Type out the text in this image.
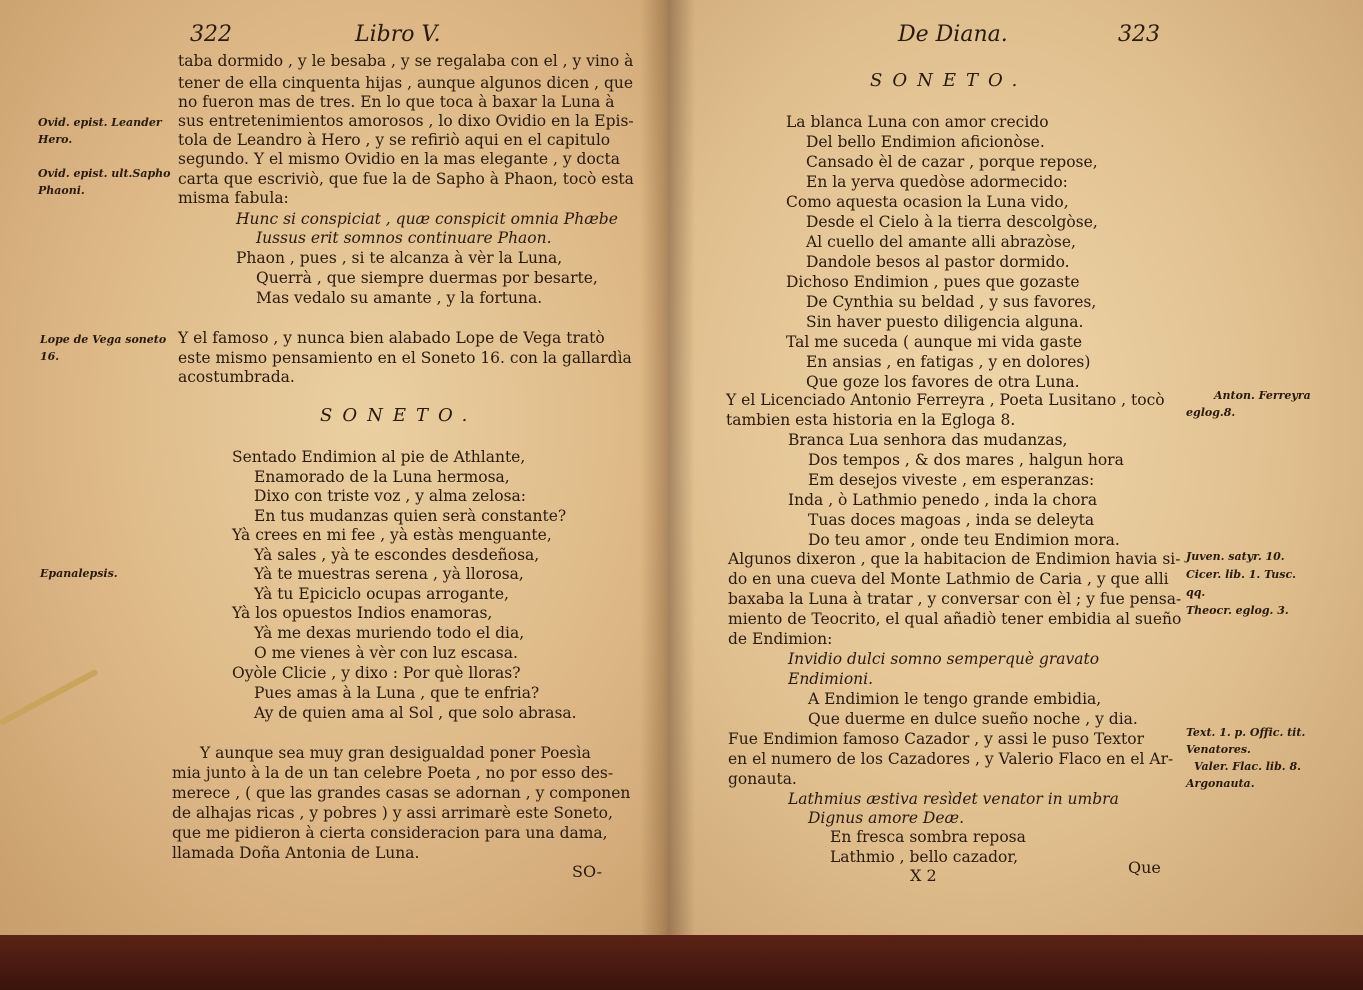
322	Libro V.
taba dormido , y le besaba , y se regalaba con el , y vino à
tener de ella cinquenta hijas , aunque algunos dicen , que
no fueron mas de tres. En lo que toca à baxar la Luna à
sus entretenimientos amorosos , lo dixo Ovidio en la Epis-
tola de Leandro à Hero , y se refiriò aqui en el capitulo
segundo. Y el mismo Ovidio en la mas elegante , y docta
carta que escriviò, que fue la de Sapho à Phaon, tocò esta
misma fabula:
Hunc si conspiciat , quæ conspicit omnia Phæbe
Iussus erit somnos continuare Phaon.
Phaon , pues , si te alcanza à vèr la Luna,
Querrà , que siempre duermas por besarte,
Mas vedalo su amante , y la fortuna.
Y el famoso , y nunca bien alabado Lope de Vega tratò
este mismo pensamiento en el Soneto 16. con la gallardìa
acostumbrada.
SONETO.
Sentado Endimion al pie de Athlante,
Enamorado de la Luna hermosa,
Dixo con triste voz , y alma zelosa:
En tus mudanzas quien serà constante?
Yà crees en mi fee , yà estàs menguante,
Yà sales , yà te escondes desdeñosa,
Yà te muestras serena , yà llorosa,
Yà tu Epiciclo ocupas arrogante,
Yà los opuestos Indios enamoras,
Yà me dexas muriendo todo el dia,
O me vienes à vèr con luz escasa.
Oyòle Clicie , y dixo : Por què lloras?
Pues amas à la Luna , que te enfria?
Ay de quien ama al Sol , que solo abrasa.
Y aunque sea muy gran desigualdad poner Poesìa
mia junto à la de un tan celebre Poeta , no por esso des-
merece , ( que las grandes casas se adornan , y componen
de alhajas ricas , y pobres ) y assi arrimarè este Soneto,
que me pidieron à cierta consideracion para una dama,
llamada Doña Antonia de Luna.
SO-
Ovid. epist. Leander
Hero.
Ovid. epist. ult.Sapho
Phaoni.
Lope de Vega soneto
16.
Epanalepsis.
De Diana.	323
SONETO.
La blanca Luna con amor crecido
Del bello Endimion aficionòse.
Cansado èl de cazar , porque repose,
En la yerva quedòse adormecido:
Como aquesta ocasion la Luna vido,
Desde el Cielo à la tierra descolgòse,
Al cuello del amante alli abrazòse,
Dandole besos al pastor dormido.
Dichoso Endimion , pues que gozaste
De Cynthia su beldad , y sus favores,
Sin haver puesto diligencia alguna.
Tal me suceda ( aunque mi vida gaste
En ansias , en fatigas , y en dolores)
Que goze los favores de otra Luna.
Y el Licenciado Antonio Ferreyra , Poeta Lusitano , tocò
tambien esta historia en la Egloga 8.
Branca Lua senhora das mudanzas,
Dos tempos , & dos mares , halgun hora
Em desejos viveste , em esperanzas:
Inda , ò Lathmio penedo , inda la chora
Tuas doces magoas , inda se deleyta
Do teu amor , onde teu Endimion mora.
Algunos dixeron , que la habitacion de Endimion havia si-
do en una cueva del Monte Lathmio de Caria , y que alli
baxaba la Luna à tratar , y conversar con èl ; y fue pensa-
miento de Teocrito, el qual añadiò tener embidia al sueño
de Endimion:
Invidio dulci somno semperquè gravato
Endimioni.
A Endimion le tengo grande embidia,
Que duerme en dulce sueño noche , y dia.
Fue Endimion famoso Cazador , y assi le puso Textor
en el numero de los Cazadores , y Valerio Flaco en el Ar-
gonauta.
Lathmius æstiva resìdet venator in umbra
Dignus amore Deæ.
En fresca sombra reposa
Lathmio , bello cazador,
X 2	Que
Anton. Ferreyra
eglog.8.
Juven. satyr. 10.
Cicer. lib. 1. Tusc.
qq.
Theocr. eglog. 3.
Text. 1. p. Offic. tit.
Venatores.
Valer. Flac. lib. 8.
Argonauta.
